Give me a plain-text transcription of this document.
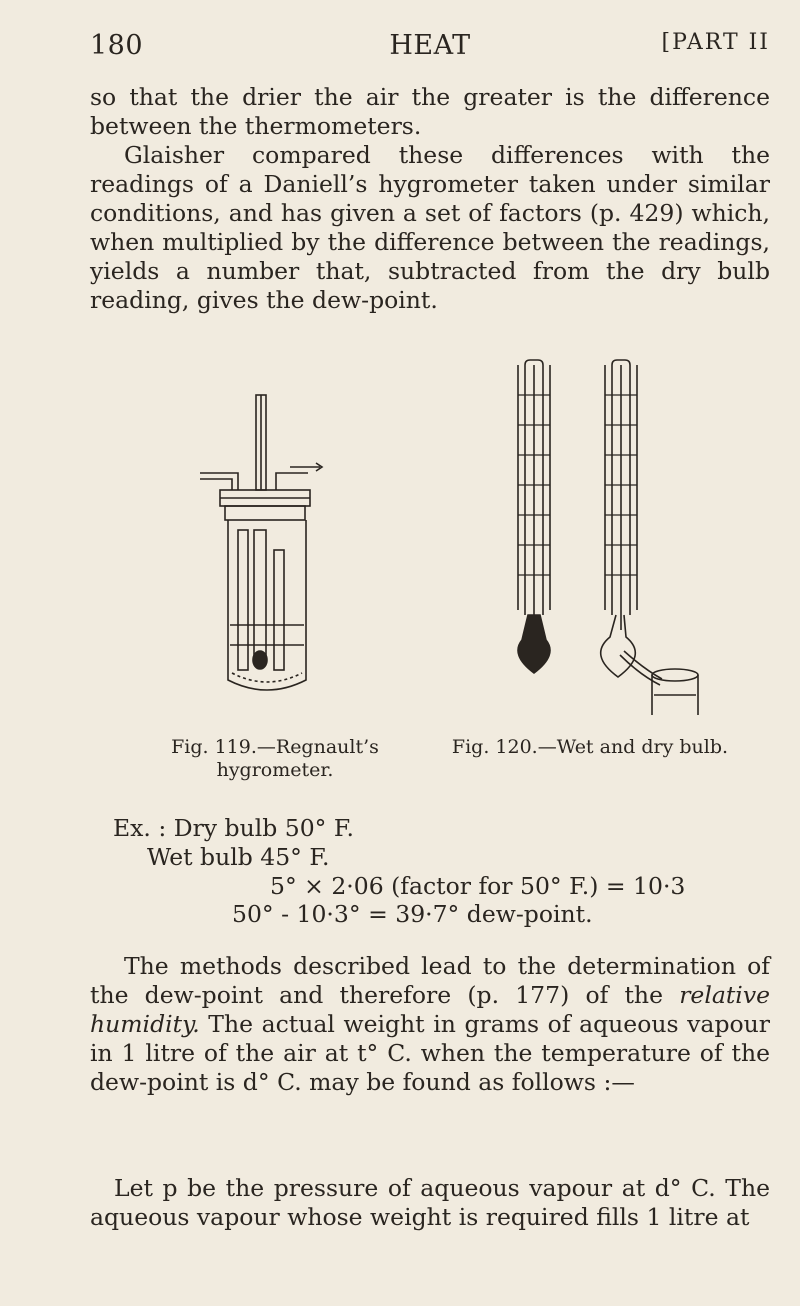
180	HEAT	[PART II

so that the drier the air the greater is the difference between the thermometers.

Glaisher compared these differences with the readings of a Daniell’s hygrometer taken under similar conditions, and has given a set of factors (p. 429) which, when multiplied by the difference between the readings, yields a number that, subtracted from the dry bulb reading, gives the dew-point.

Fig. 119.—Regnault’s hygrometer.
Fig. 120.—Wet and dry bulb.
Ex. : Dry bulb 50° F.
Wet bulb 45° F.
5° × 2·06 (factor for 50° F.) = 10·3
50° - 10·3° = 39·7° dew-point.

The methods described lead to the determination of the dew-point and therefore (p. 177) of the relative humidity. The actual weight in grams of aqueous vapour in 1 litre of the air at t° C. when the temperature of the dew-point is d° C. may be found as follows :—

Let p be the pressure of aqueous vapour at d° C. The aqueous vapour whose weight is required fills 1 litre at
